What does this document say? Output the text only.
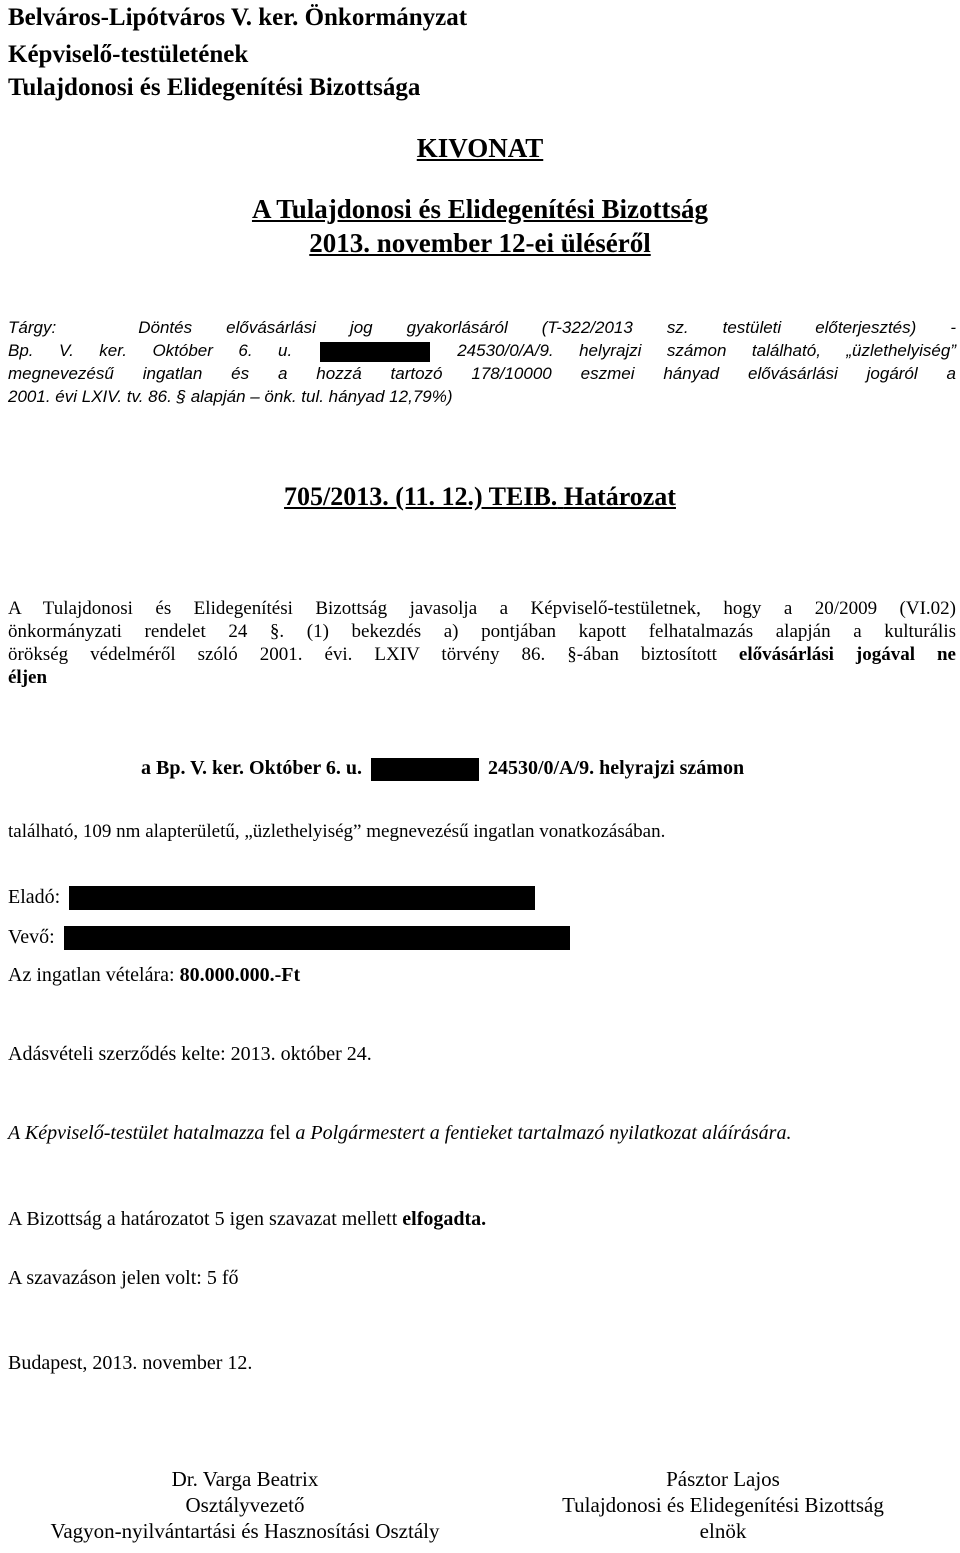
Belváros-Lipótváros V. ker. Önkormányzat
Képviselő-testületének
Tulajdonosi és Elidegenítési Bizottsága
KIVONAT
A Tulajdonosi és Elidegenítési Bizottság
2013. november 12-ei üléséről
Tárgy:	Döntés elővásárlási jog gyakorlásáról (T-322/2013 sz. testületi előterjesztés) -
Bp. V. ker. Október 6. u.	24530/0/A/9. helyrajzi számon található, „üzlethelyiség”
megnevezésű ingatlan és a hozzá tartozó 178/10000 eszmei hányad elővásárlási jogáról a
2001. évi LXIV. tv. 86. § alapján – önk. tul. hányad 12,79%)
705/2013. (11. 12.) TEIB. Határozat
A Tulajdonosi és Elidegenítési Bizottság javasolja a Képviselő-testületnek, hogy a 20/2009 (VI.02)
önkormányzati rendelet 24 §. (1) bekezdés a) pontjában kapott felhatalmazás alapján a kulturális
örökség védelméről szóló 2001. évi. LXIV törvény 86. §-ában biztosított elővásárlási jogával ne
éljen
a Bp. V. ker. Október 6. u.	24530/0/A/9. helyrajzi számon
található, 109 nm alapterületű, „üzlethelyiség” megnevezésű ingatlan vonatkozásában.
Eladó:
Vevő:
Az ingatlan vételára: 80.000.000.-Ft
Adásvételi szerződés kelte: 2013. október 24.
A Képviselő-testület hatalmazza fel a Polgármestert a fentieket tartalmazó nyilatkozat aláírására.
A Bizottság a határozatot 5 igen szavazat mellett elfogadta.
A szavazáson jelen volt: 5 fő
Budapest, 2013. november 12.
Dr. Varga Beatrix
Osztályvezető
Vagyon-nyilvántartási és Hasznosítási Osztály
Pásztor Lajos
Tulajdonosi és Elidegenítési Bizottság
elnök
